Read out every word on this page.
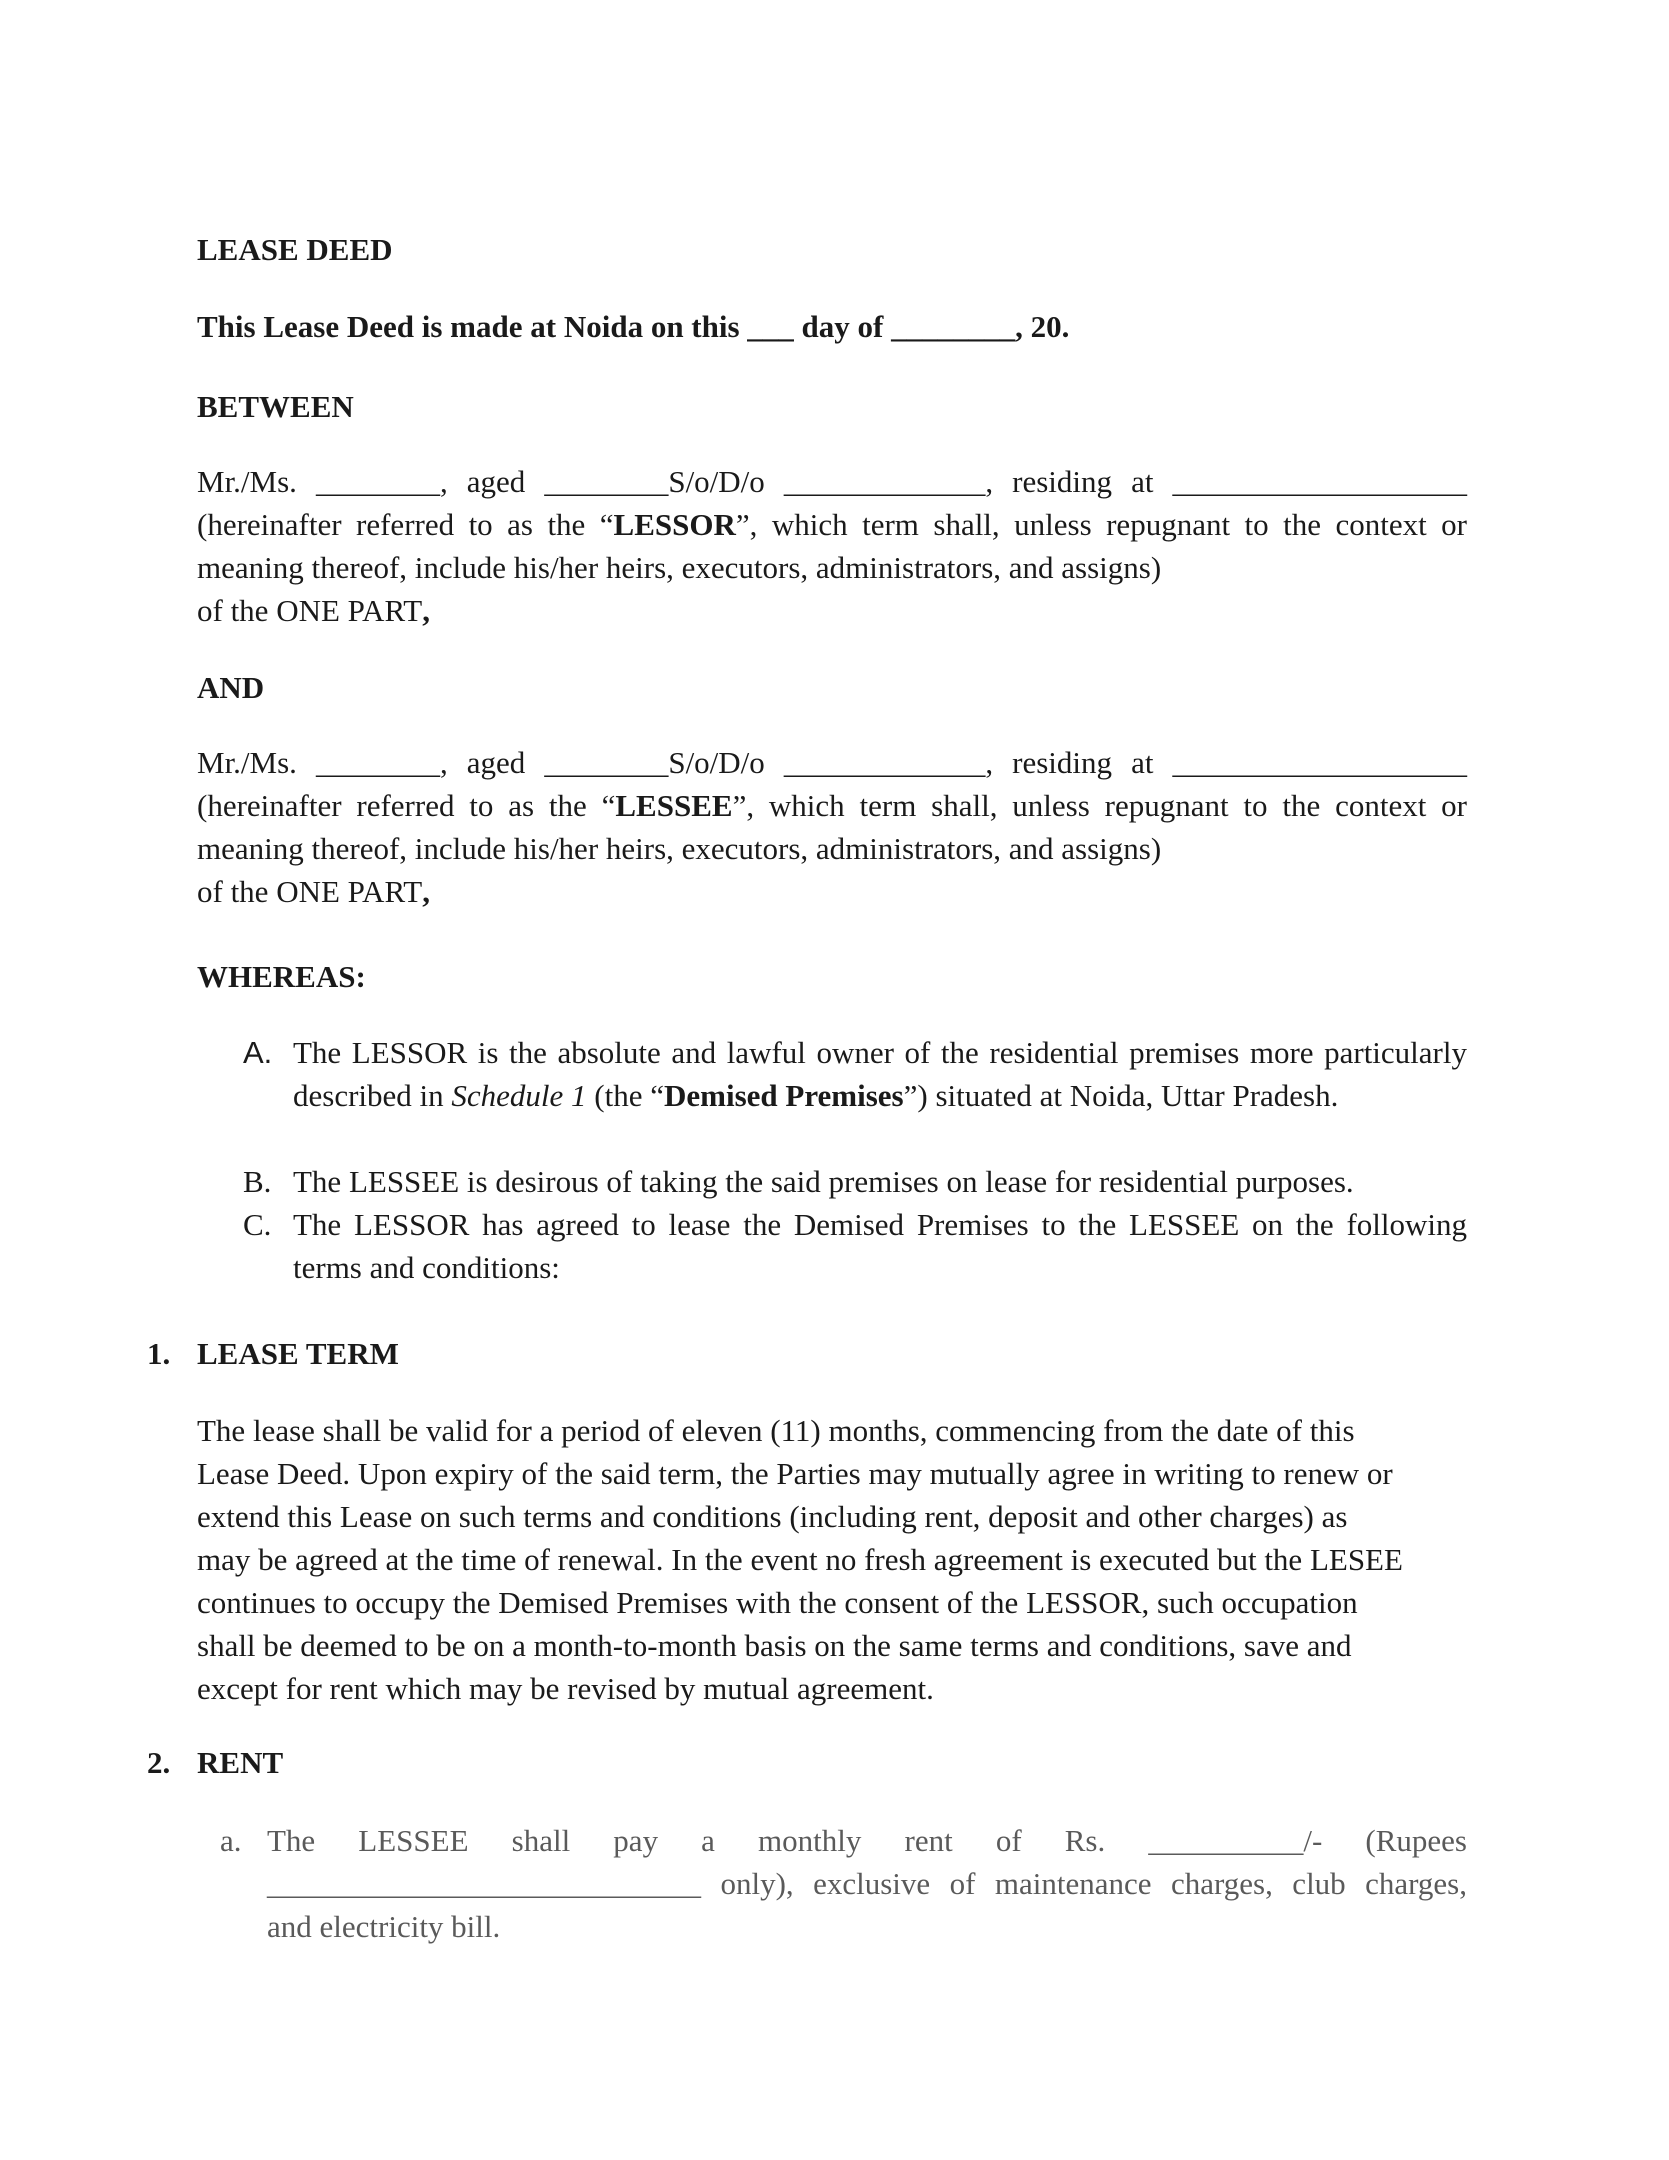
LEASE DEED
This Lease Deed is made at Noida on this ___ day of ________, 20.
BETWEEN
Mr./Ms. ________, aged ________S/o/D/o _____________, residing at ___________________
(hereinafter referred to as the “LESSOR”, which term shall, unless repugnant to the context or meaning thereof, include his/her heirs, executors, administrators, and assigns)
of the ONE PART,
AND
Mr./Ms. ________, aged ________S/o/D/o _____________, residing at ___________________
(hereinafter referred to as the “LESSEE”, which term shall, unless repugnant to the context or meaning thereof, include his/her heirs, executors, administrators, and assigns)
of the ONE PART,
WHEREAS:
A. The LESSOR is the absolute and lawful owner of the residential premises more particularly described in Schedule 1 (the “Demised Premises”) situated at Noida, Uttar Pradesh.
B. The LESSEE is desirous of taking the said premises on lease for residential purposes.
C. The LESSOR has agreed to lease the Demised Premises to the LESSEE on the following terms and conditions:
1. LEASE TERM
The lease shall be valid for a period of eleven (11) months, commencing from the date of this
Lease Deed. Upon expiry of the said term, the Parties may mutually agree in writing to renew or
extend this Lease on such terms and conditions (including rent, deposit and other charges) as
may be agreed at the time of renewal. In the event no fresh agreement is executed but the LESEE
continues to occupy the Demised Premises with the consent of the LESSOR, such occupation
shall be deemed to be on a month-to-month basis on the same terms and conditions, save and
except for rent which may be revised by mutual agreement.
2. RENT
a. The LESSEE shall pay a monthly rent of Rs. __________/- (Rupees
____________________________ only), exclusive of maintenance charges, club charges,
and electricity bill.
